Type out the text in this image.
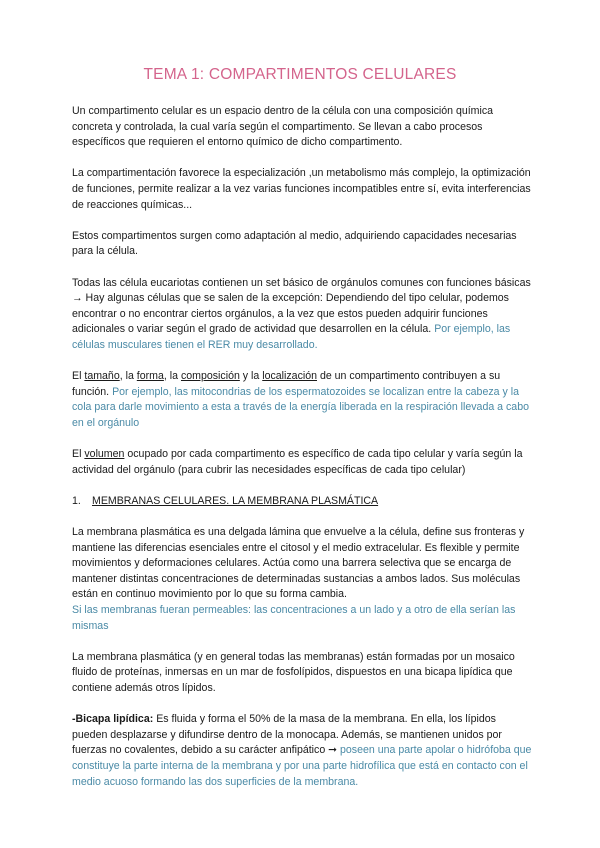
TEMA 1: COMPARTIMENTOS CELULARES

Un compartimento celular es un espacio dentro de la célula con una composición química concreta y controlada, la cual varía según el compartimento. Se llevan a cabo procesos específicos que requieren el entorno químico de dicho compartimento.

La compartimentación favorece la especialización ,un metabolismo más complejo, la optimización de funciones, permite realizar a la vez varias funciones incompatibles entre sí, evita interferencias de reacciones químicas...

Estos compartimentos surgen como adaptación al medio, adquiriendo capacidades necesarias para la célula.

Todas las célula eucariotas contienen un set básico de orgánulos comunes con funciones básicas → Hay algunas células que se salen de la excepción: Dependiendo del tipo celular, podemos encontrar o no encontrar ciertos orgánulos, a la vez que estos pueden adquirir funciones adicionales o variar según el grado de actividad que desarrollen en la célula. Por ejemplo, las células musculares tienen el RER muy desarrollado.

El tamaño, la forma, la composición y la localización de un compartimento contribuyen a su función. Por ejemplo, las mitocondrias de los espermatozoides se localizan entre la cabeza y la cola para darle movimiento a esta a través de la energía liberada en la respiración llevada a cabo en el orgánulo

El volumen ocupado por cada compartimento es específico de cada tipo celular y varía según la actividad del orgánulo (para cubrir las necesidades específicas de cada tipo celular)

1. MEMBRANAS CELULARES. LA MEMBRANA PLASMÁTICA

La membrana plasmática es una delgada lámina que envuelve a la célula, define sus fronteras y mantiene las diferencias esenciales entre el citosol y el medio extracelular. Es flexible y permite movimientos y deformaciones celulares. Actúa como una barrera selectiva que se encarga de mantener distintas concentraciones de determinadas sustancias a ambos lados. Sus moléculas están en continuo movimiento por lo que su forma cambia.
Si las membranas fueran permeables: las concentraciones a un lado y a otro de ella serían las mismas

La membrana plasmática (y en general todas las membranas) están formadas por un mosaico fluido de proteínas, inmersas en un mar de fosfolípidos, dispuestos en una bicapa lipídica que contiene además otros lípidos.

-Bicapa lipídica: Es fluida y forma el 50% de la masa de la membrana. En ella, los lípidos pueden desplazarse y difundirse dentro de la monocapa. Además, se mantienen unidos por fuerzas no covalentes, debido a su carácter anfipático ➞ poseen una parte apolar o hidrófoba que constituye la parte interna de la membrana y por una parte hidrofílica que está en contacto con el medio acuoso formando las dos superficies de la membrana.
